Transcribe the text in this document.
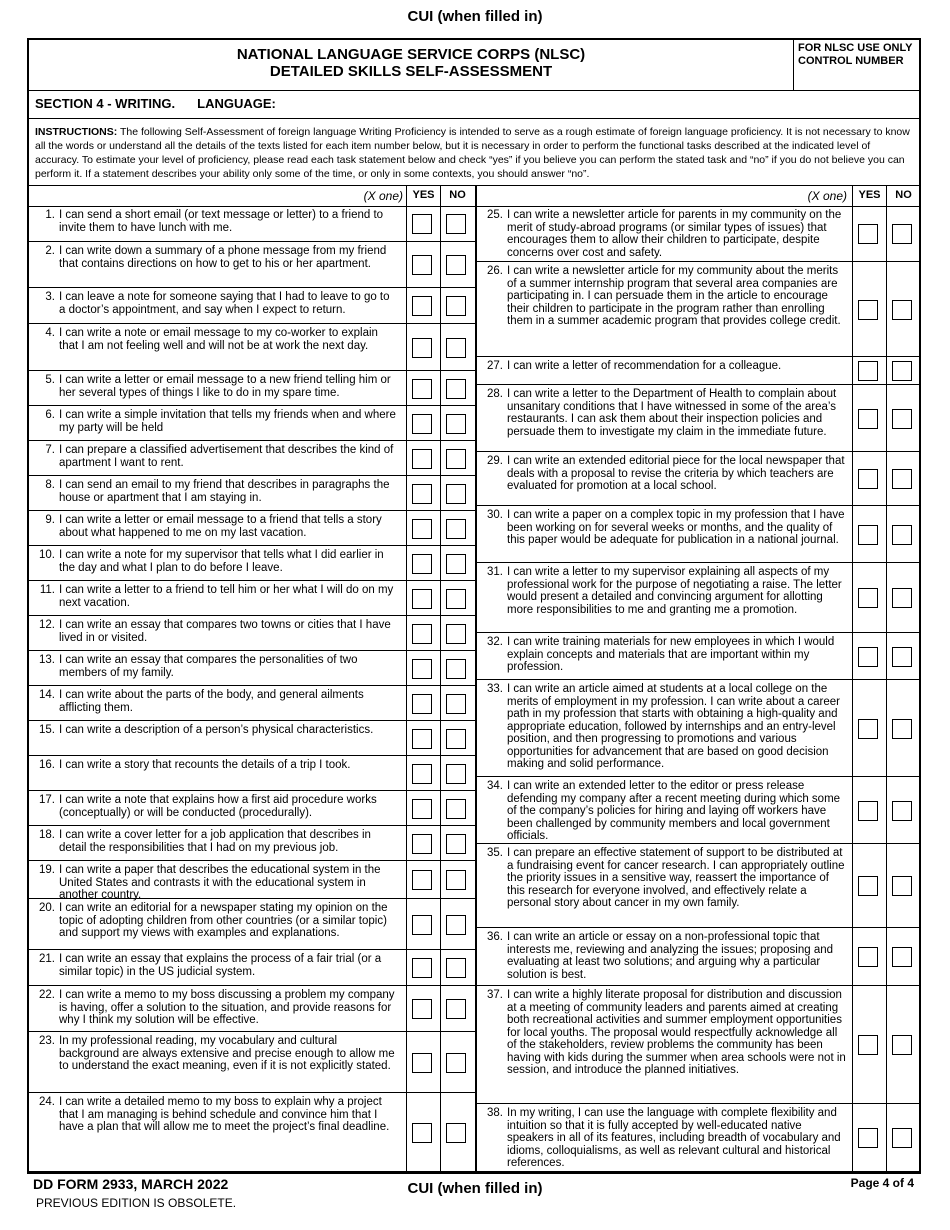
CUI (when filled in)
NATIONAL LANGUAGE SERVICE CORPS (NLSC)
DETAILED SKILLS SELF-ASSESSMENT
FOR NLSC USE ONLY
CONTROL NUMBER
SECTION 4 - WRITING. LANGUAGE:
INSTRUCTIONS: The following Self-Assessment of foreign language Writing Proficiency is intended to serve as a rough estimate of foreign language proficiency. It is not necessary to know all the words or understand all the details of the texts listed for each item number below, but it is necessary in order to perform the functional tasks described at the indicated level of accuracy. To estimate your level of proficiency, please read each task statement below and check “yes” if you believe you can perform the stated task and “no” if you do not believe you can perform it. If a statement describes your ability only some of the time, or only in some contexts, you should answer “no”.
(X one) YES	NO
1. I can send a short email (or text message or letter) to a friend to invite them to have lunch with me.
2. I can write down a summary of a phone message from my friend that contains directions on how to get to his or her apartment.
3. I can leave a note for someone saying that I had to leave to go to a doctor’s appointment, and say when I expect to return.
4. I can write a note or email message to my co-worker to explain that I am not feeling well and will not be at work the next day.
5. I can write a letter or email message to a new friend telling him or her several types of things I like to do in my spare time.
6. I can write a simple invitation that tells my friends when and where my party will be held
7. I can prepare a classified advertisement that describes the kind of apartment I want to rent.
8. I can send an email to my friend that describes in paragraphs the house or apartment that I am staying in.
9. I can write a letter or email message to a friend that tells a story about what happened to me on my last vacation.
10. I can write a note for my supervisor that tells what I did earlier in the day and what I plan to do before I leave.
11. I can write a letter to a friend to tell him or her what I will do on my next vacation.
12. I can write an essay that compares two towns or cities that I have lived in or visited.
13. I can write an essay that compares the personalities of two members of my family.
14. I can write about the parts of the body, and general ailments afflicting them.
15. I can write a description of a person’s physical characteristics.
16. I can write a story that recounts the details of a trip I took.
17. I can write a note that explains how a first aid procedure works (conceptually) or will be conducted (procedurally).
18. I can write a cover letter for a job application that describes in detail the responsibilities that I had on my previous job.
19. I can write a paper that describes the educational system in the United States and contrasts it with the educational system in another country.
20. I can write an editorial for a newspaper stating my opinion on the topic of adopting children from other countries (or a similar topic) and support my views with examples and explanations.
21. I can write an essay that explains the process of a fair trial (or a similar topic) in the US judicial system.
22. I can write a memo to my boss discussing a problem my company is having, offer a solution to the situation, and provide reasons for why I think my solution will be effective.
23. In my professional reading, my vocabulary and cultural background are always extensive and precise enough to allow me to understand the exact meaning, even if it is not explicitly stated.
24. I can write a detailed memo to my boss to explain why a project that I am managing is behind schedule and convince him that I have a plan that will allow me to meet the project’s final deadline.
(X one)	YES	NO
25. I can write a newsletter article for parents in my community on the merit of study-abroad programs (or similar types of issues) that encourages them to allow their children to participate, despite concerns over cost and safety.
26. I can write a newsletter article for my community about the merits of a summer internship program that several area companies are participating in. I can persuade them in the article to encourage their children to participate in the program rather than enrolling them in a summer academic program that provides college credit.
27. I can write a letter of recommendation for a colleague.
28. I can write a letter to the Department of Health to complain about unsanitary conditions that I have witnessed in some of the area’s restaurants. I can ask them about their inspection policies and persuade them to investigate my claim in the immediate future.
29. I can write an extended editorial piece for the local newspaper that deals with a proposal to revise the criteria by which teachers are evaluated for promotion at a local school.
30. I can write a paper on a complex topic in my profession that I have been working on for several weeks or months, and the quality of this paper would be adequate for publication in a national journal.
31. I can write a letter to my supervisor explaining all aspects of my professional work for the purpose of negotiating a raise. The letter would present a detailed and convincing argument for allotting more responsibilities to me and granting me a promotion.
32. I can write training materials for new employees in which I would explain concepts and materials that are important within my profession.
33. I can write an article aimed at students at a local college on the merits of employment in my profession. I can write about a career path in my profession that starts with obtaining a high-quality and appropriate education, followed by internships and an entry-level position, and then progressing to promotions and various opportunities for advancement that are based on good decision making and solid performance.
34. I can write an extended letter to the editor or press release defending my company after a recent meeting during which some of the company’s policies for hiring and laying off workers have been challenged by community members and local government officials.
35. I can prepare an effective statement of support to be distributed at a fundraising event for cancer research. I can appropriately outline the priority issues in a sensitive way, reassert the importance of this research for everyone involved, and effectively relate a personal story about cancer in my own family.
36. I can write an article or essay on a non-professional topic that interests me, reviewing and analyzing the issues; proposing and evaluating at least two solutions; and arguing why a particular solution is best.
37. I can write a highly literate proposal for distribution and discussion at a meeting of community leaders and parents aimed at creating both recreational activities and summer employment opportunities for local youths. The proposal would respectfully acknowledge all of the stakeholders, review problems the community has been having with kids during the summer when area schools were not in session, and introduce the planned initiatives.
38. In my writing, I can use the language with complete flexibility and intuition so that it is fully accepted by well-educated native speakers in all of its features, including breadth of vocabulary and idioms, colloquialisms, as well as relevant cultural and historical references.
DD FORM 2933, MARCH 2022
PREVIOUS EDITION IS OBSOLETE.
CUI (when filled in)	Page 4 of 4
